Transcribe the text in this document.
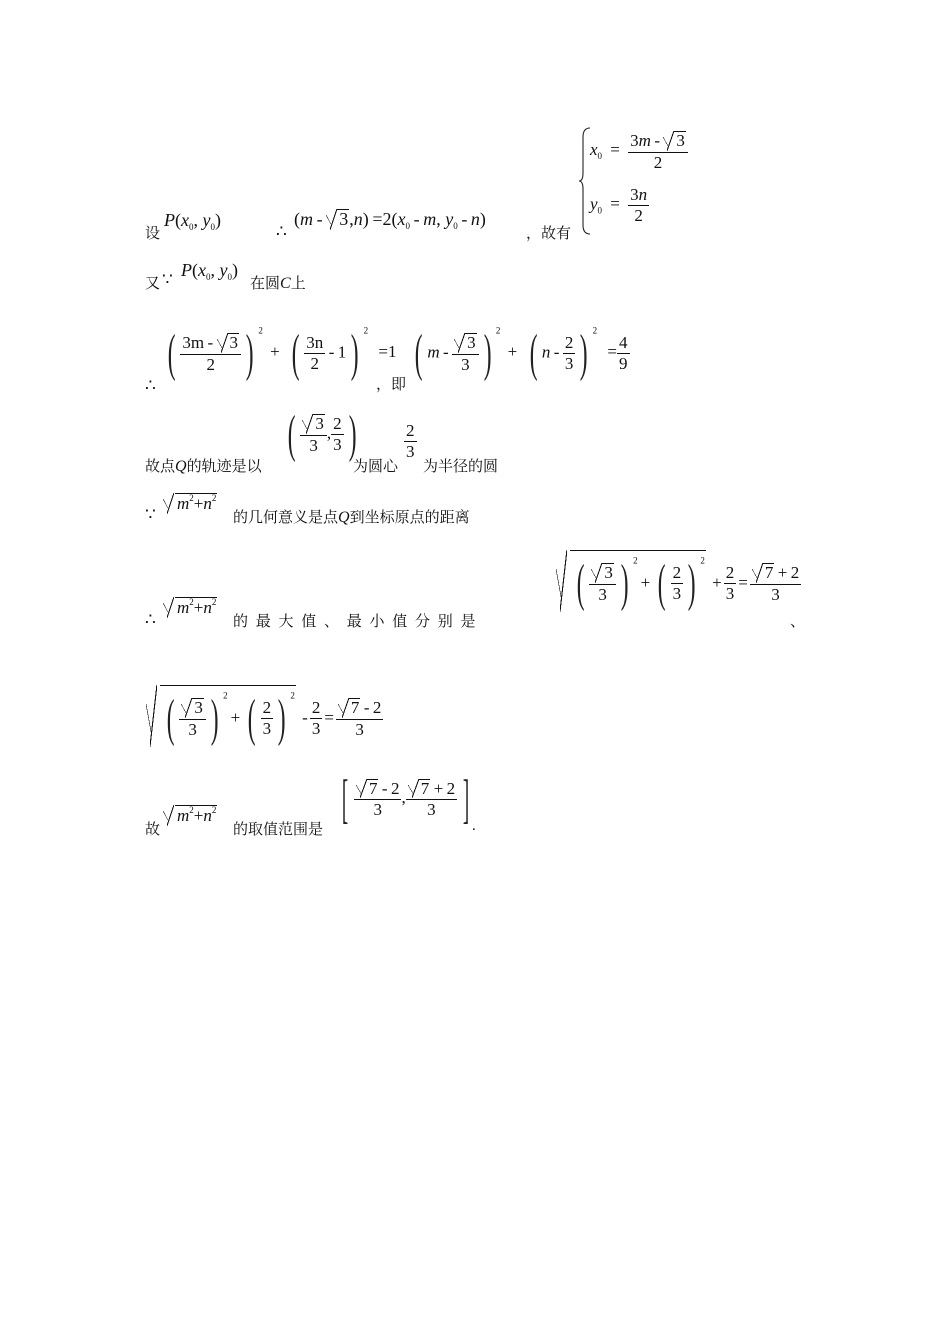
设
$P(x_0$, $y_0$)
∴
$(m - 3,n) =2(x_0 - m$, $y_0 - n$)
，故有
$x_0 = \frac{3m - 3}{2}$
$y_0 = \frac{3n}{2}$
又 ∵ $P(x_0$, $y_0$)
在圆C上
∴
( $\frac{3m - 3}{2}$ ) $^2$ + ( $\frac{3n}{2}$
  -  1) $^2$ =1
，即
( m  -  $\frac{3}{3}$ ) $^2$ + ( n  -  $\frac{2}{3}$ ) $^2 = \frac{4}{9}$
故点Q的轨迹是以
( $\frac{3}{3}$ , $\frac{2}{3}$ )
为圆心
$\frac{2}{3}$
为半径的圆
∵
$m^2+n^2$
的几何意义是点Q到坐标原点的距离
∴
$m^2+n^2$
的 最 大 值 、 最 小 值 分 别 是
( $\frac{3}{3}$ ) $^2$+ ( $\frac{2}{3}$ ) $^2 + \frac{2}{3} = \frac{7 + 2}{3}$
、
( $\frac{3}{3}$ ) $^2$+ ( $\frac{2}{3}$ ) $^2 - \frac{2}{3} = \frac{7 - 2}{3}$
故
$m^2+n^2$
的取值范围是
[ $\frac{7 - 2}{3}$ , $\frac{7 + 2}{3}$ ] .
